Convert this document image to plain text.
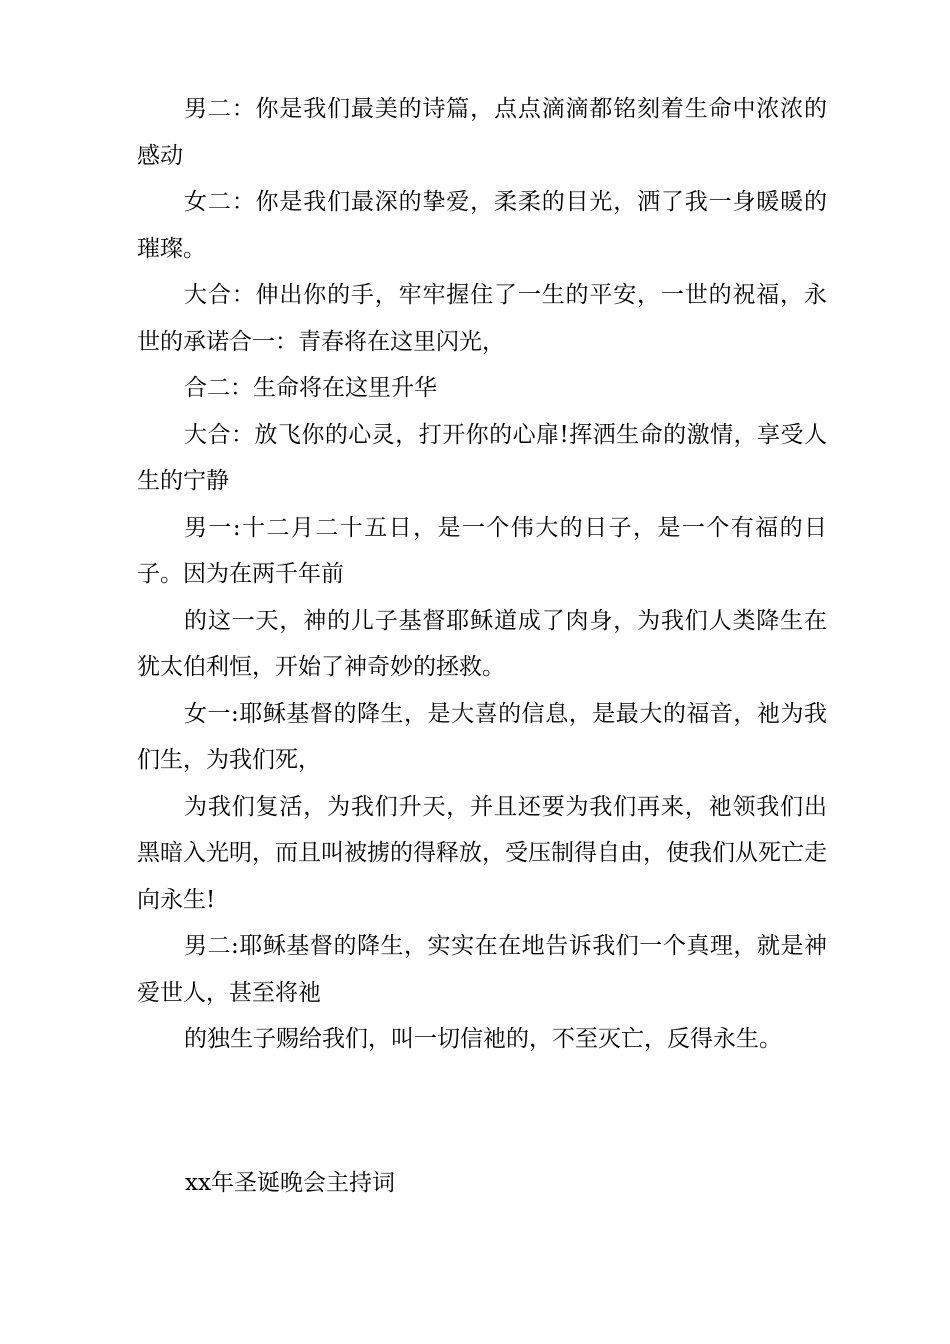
男二：你是我们最美的诗篇，点点滴滴都铭刻着生命中浓浓的感动

女二：你是我们最深的挚爱，柔柔的目光，洒了我一身暖暖的璀璨。

大合：伸出你的手，牢牢握住了一生的平安，一世的祝福，永世的承诺合一：青春将在这里闪光，

合二：生命将在这里升华

大合：放飞你的心灵，打开你的心扉!挥洒生命的激情，享受人生的宁静

男一:十二月二十五日，是一个伟大的日子，是一个有福的日子。因为在两千年前

的这一天，神的儿子基督耶稣道成了肉身，为我们人类降生在犹太伯利恒，开始了神奇妙的拯救。

女一:耶稣基督的降生，是大喜的信息，是最大的福音，祂为我们生，为我们死，

为我们复活，为我们升天，并且还要为我们再来，祂领我们出黑暗入光明，而且叫被掳的得释放，受压制得自由，使我们从死亡走向永生!

男二:耶稣基督的降生，实实在在地告诉我们一个真理，就是神爱世人，甚至将祂

的独生子赐给我们，叫一切信祂的，不至灭亡，反得永生。

xx年圣诞晚会主持词
